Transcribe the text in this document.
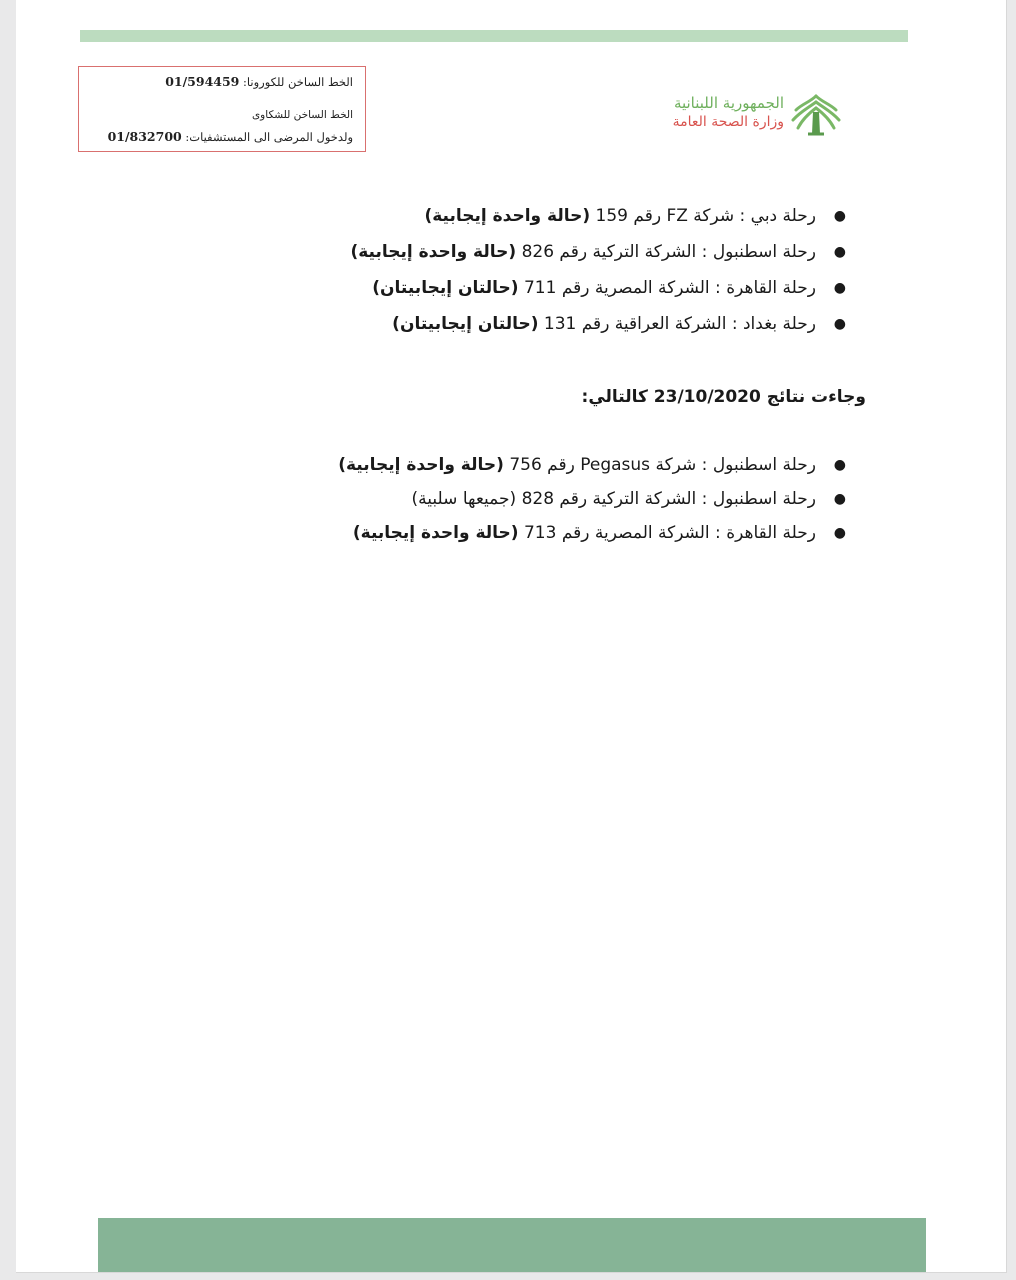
الخط الساخن للكورونا: 01/594459
الخط الساخن للشكاوى
ولدخول المرضى الى المستشفيات: 01/832700
الجمهورية اللبنانية
وزارة الصحة العامة
●
رحلة دبي : شركة FZ رقم 159 (حالة واحدة إيجابية)
●
رحلة اسطنبول : الشركة التركية رقم 826 (حالة واحدة إيجابية)
●
رحلة القاهرة : الشركة المصرية رقم 711 (حالتان إيجابيتان)
●
رحلة بغداد : الشركة العراقية رقم 131 (حالتان إيجابيتان)
وجاءت نتائج 23/10/2020 كالتالي:
●
رحلة اسطنبول : شركة Pegasus رقم 756 (حالة واحدة إيجابية)
●
رحلة اسطنبول : الشركة التركية رقم 828 (جميعها سلبية)
●
رحلة القاهرة : الشركة المصرية رقم 713 (حالة واحدة إيجابية)
